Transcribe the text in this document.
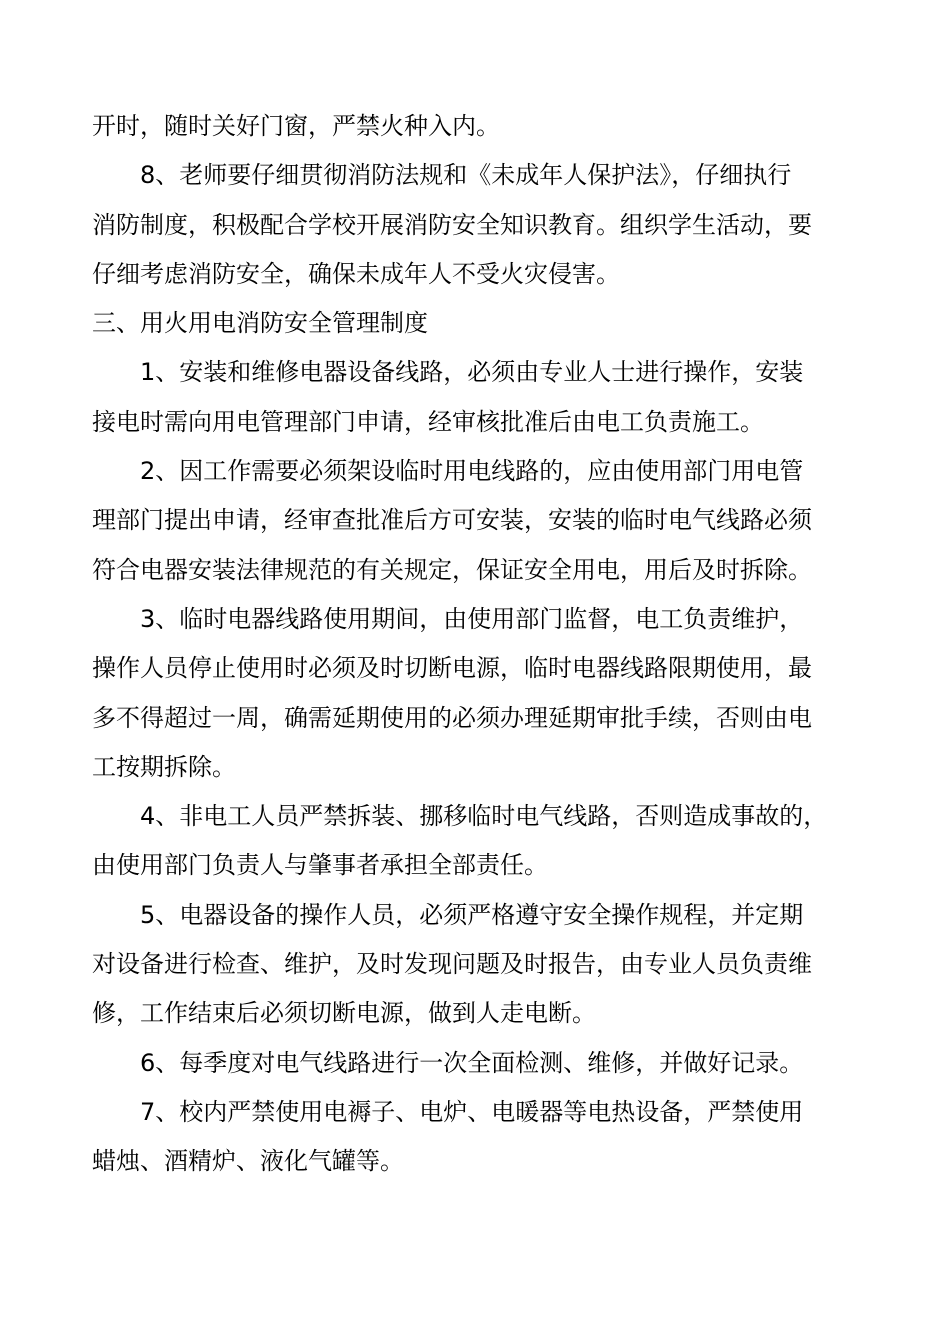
开时，随时关好门窗，严禁火种入内。

8、老师要仔细贯彻消防法规和《未成年人保护法》，仔细执行
消防制度，积极配合学校开展消防安全知识教育。组织学生活动，要
仔细考虑消防安全，确保未成年人不受火灾侵害。

三、用火用电消防安全管理制度

1、安装和维修电器设备线路，必须由专业人士进行操作，安装
接电时需向用电管理部门申请，经审核批准后由电工负责施工。

2、因工作需要必须架设临时用电线路的，应由使用部门用电管
理部门提出申请，经审查批准后方可安装，安装的临时电气线路必须
符合电器安装法律规范的有关规定，保证安全用电，用后及时拆除。

3、临时电器线路使用期间，由使用部门监督，电工负责维护，
操作人员停止使用时必须及时切断电源，临时电器线路限期使用，最
多不得超过一周，确需延期使用的必须办理延期审批手续，否则由电
工按期拆除。

4、非电工人员严禁拆装、挪移临时电气线路，否则造成事故的，
由使用部门负责人与肇事者承担全部责任。

5、电器设备的操作人员，必须严格遵守安全操作规程，并定期
对设备进行检查、维护，及时发现问题及时报告，由专业人员负责维
修，工作结束后必须切断电源，做到人走电断。

6、每季度对电气线路进行一次全面检测、维修，并做好记录。

7、校内严禁使用电褥子、电炉、电暖器等电热设备，严禁使用
蜡烛、酒精炉、液化气罐等。
